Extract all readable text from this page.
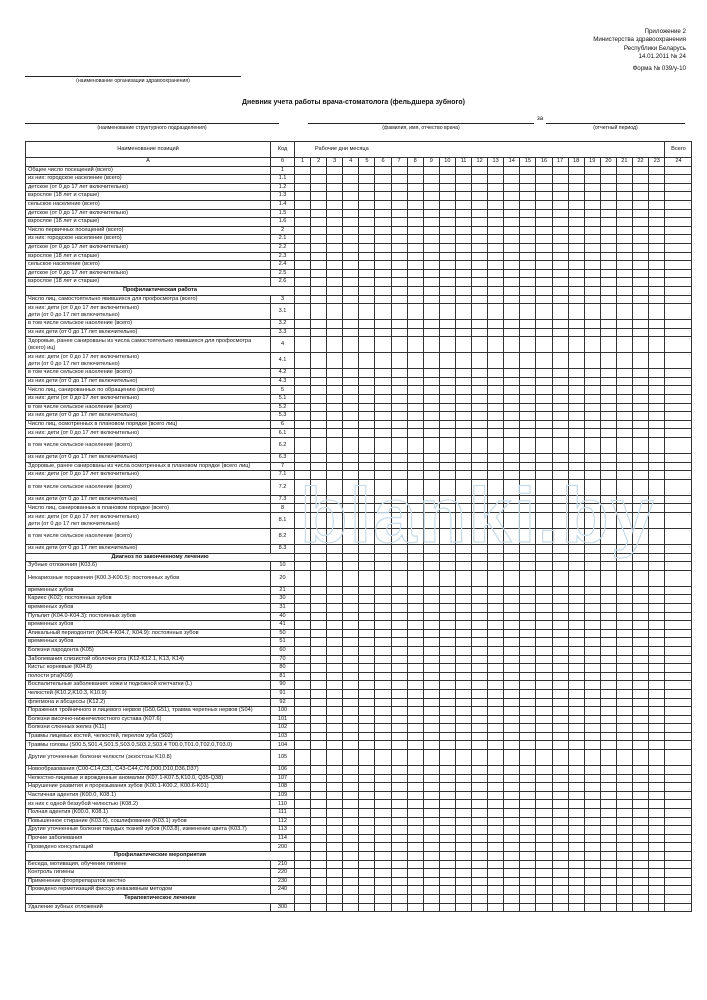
Приложение 2
Министерства здравоохранения
Республики Беларусь
14.01.2011 № 24
Форма № 039/у-10
(наименование организации здравоохранения)
Дневник учета работы врача-стоматолога (фельдшера зубного)
за
(наименование структурного подразделения)	(фамилия, имя, отчество врача)	(отчетный период)
Наименование позиций	Код	Рабочие дни месяца																							Всего
А	б	1	2	3	4	5	6	7	8	9	10	11	12	13	14	15	16	17	18	19	20	21	22	23	24
Общее число посещений (всего)	1																								
из них: городское население (всего)	1.1																								
детское (от 0 до 17 лет включительно)	1.2																								
взрослое (18 лет и старше)	1.3																								
сельское население (всего)	1.4																								
детское (от 0 до 17 лет включительно)	1.5																								
взрослое (18 лет и старше)	1.6																								
Число первичных посещений (всего)	2																								
из них: городское население (всего)	2.1																								
детское (от 0 до 17 лет включительно)	2.2																								
взрослое (18 лет и старше)	2.3																								
сельское население (всего)	2.4																								
детское (от 0 до 17 лет включительно)	2.5																								
взрослое (18 лет и старше)	2.6																								
Профилактическая работа																									
Число лиц, самостоятельно явившихся для профосмотра (всего)	3																								
из них: дети (от 0 до 17 лет включительно)
дети (от 0 до 17 лет включительно)	3.1																								
в том числе сельское население (всего)	3.2																								
из них дети (от 0 до 17 лет включительно)	3.3																								
Здоровые, ранее санированы из числа самостоятельно явившихся для профосмотра (всего) иц)	4																								
из них: дети (от 0 до 17 лет включительно)
дети (от 0 до 17 лет включительно)	4.1																								
в том числе сельское население (всего)	4.2																								
из них дети (от 0 до 17 лет включительно)	4.3																								
Число лиц, санированных по обращению (всего)	5																								
из них: дети (от 0 до 17 лет включительно)	5.1																								
в том числе сельское население (всего)	5.2																								
из них дети (от 0 до 17 лет включительно)	5.3																								
Число лиц, осмотренных в плановом порядке (всего лиц)	6																								
из них: дети (от 0 до 17 лет включительно)	6.1																								
в том числе сельское население (всего)	6.2																								
из них дети (от 0 до 17 лет включительно)	6.3																								
Здоровые, ранее санированы из числа осмотренных в плановом порядке (всего лиц)	7																								
из них: дети (от 0 до 17 лет включительно)	7.1																								
в том числе сельское население (всего)	7.2																								
из них дети (от 0 до 17 лет включительно)	7.3																								
Число лиц, санированных в плановом порядке (всего)	8																								
из них: дети (от 0 до 17 лет включительно)
дети (от 0 до 17 лет включительно)	8.1																								
в том числе сельское население (всего)	8.2																								
из них дети (от 0 до 17 лет включительно)	8.3																								
Диагноз по законченному лечению																									
Зубные отложения (K03.6)	10																								
Некариозные поражения (K00.3-K00.5): постоянных зубов	20																								
временных зубов	21																								
Кариес (K02): постоянных зубов	30																								
временных зубов	31																								
Пульпит (K04.0-K04.3): постоянных зубов	40																								
временных зубов	41																								
Апикальный периодонтит (K04.4-K04.7, K04.9): постоянных зубов	50																								
временных зубов	51																								
Болезни пародонта (K05)	60																								
Заболевания слизистой оболочки рта (K12-K12.1, K13, K14)	70																								
Кисты: корневые (K04.8)	80																								
полости рта(K09)	81																								
Воспалительные заболевания: кожи и подкожной клетчатки (L)	90																								
челюстей (K10.2,K10.3, K10.9)	91																								
флегмона и абсцессы (K12.2)	92																								
Поражения тройничного и лицевого нервов (G50,G51), травма черепных нервов (S04)	100																								
Болезни височно-нижнечелюстного сустава (K07.6)	101																								
Болезни слюнных желез (K11)	102																								
Травмы лицевых костей, челюстей, перелом зуба (S02)	103																								
Травмы головы (S00.5,S01.4,S01.5,S03.0,S03.2,S03.4 T00.0,T01.0,T02.0,T03.0)	104																								
Другие уточненные болезни челюсти (экзостозы K10.8)	105																								
Новообразования (C00-C14,C31, C43-C44,C76,D00,D10,D36,D37)	106																								
Челюстно-лицевые и врожденные аномалии (K07.1-K07.5,K10.0, Q35-Q38)	107																								
Нарушение развития и прорезывания зубов (K00.1-K00.2, K00.6-K01)	108																								
Частичная адентия (K00.0, K08.1)	109																								
из них с одной беззубой челюстью (K08.2)	110																								
Полная адентия (K00.0, K08.1)	111																								
Повышенное стирание (K03.0), сошлифование (K03.1) зубов	112																								
Другие уточненные болезни твердых тканей зубов (K03.8), изменение цвета (K03.7)	113																								
Прочие заболевания	114																								
Проведено консультаций	200																								
Профилактические мероприятия																									
Беседа, мотивация, обучение гигиене	210																								
Контроль гигиены	220																								
Применение фторпрепаратов местно	230																								
Проведено герметизаций фиссур инвазивным методом	240																								
Терапевтическое лечение																									
Удаление зубных отложений	300																								
blanki.by
